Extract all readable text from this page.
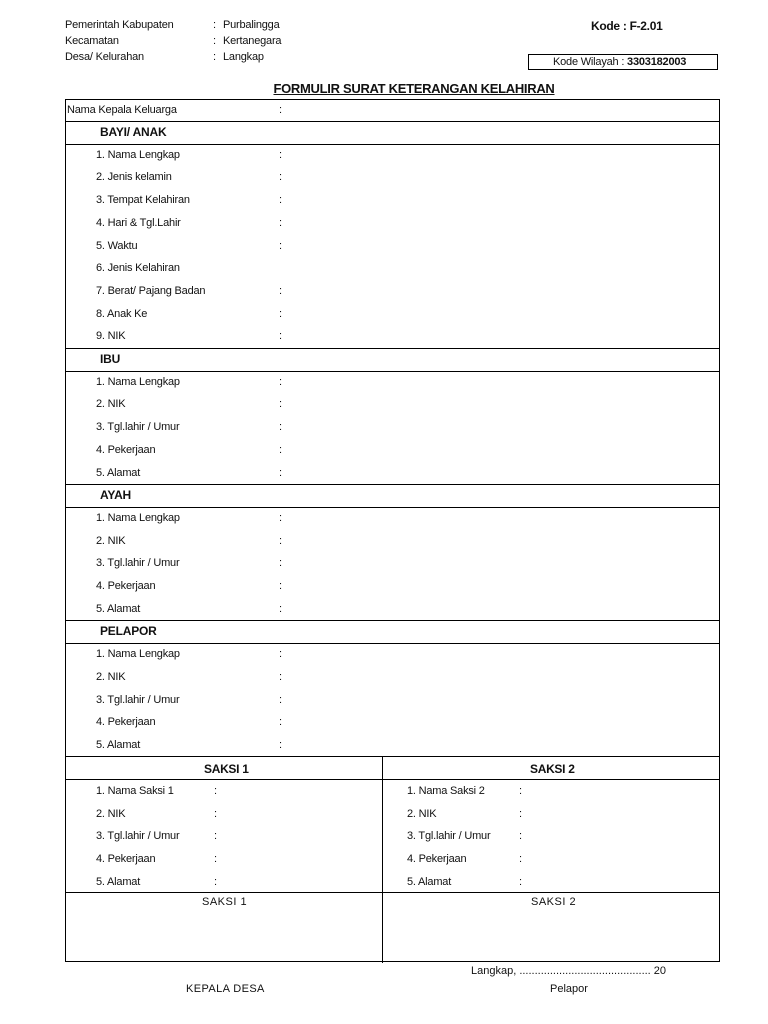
Pemerintah Kabupaten	: Purbalingga
Kecamatan	: Kertanegara
Desa/ Kelurahan	: Langkap
Kode : F-2.01
Kode Wilayah : 3303182003
FORMULIR SURAT KETERANGAN KELAHIRAN
Nama Kepala Keluarga	:
BAYI/ ANAK
1. Nama Lengkap	:
2. Jenis kelamin	:
3. Tempat Kelahiran	:
4. Hari & Tgl.Lahir	:
5. Waktu	:
6. Jenis Kelahiran
7. Berat/ Pajang Badan	:
8. Anak Ke	:
9. NIK	:
IBU
1. Nama Lengkap	:
2. NIK	:
3. Tgl.lahir / Umur	:
4. Pekerjaan	:
5. Alamat	:
AYAH
1. Nama Lengkap	:
2. NIK	:
3. Tgl.lahir / Umur	:
4. Pekerjaan	:
5. Alamat	:
PELAPOR
1. Nama Lengkap	:
2. NIK	:
3. Tgl.lahir / Umur	:
4. Pekerjaan	:
5. Alamat	:
SAKSI 1	SAKSI 2
1. Nama Saksi 1	:
2. NIK	:
3. Tgl.lahir / Umur	:
4. Pekerjaan	:
5. Alamat	:
1. Nama Saksi 2	:
2. NIK	:
3. Tgl.lahir / Umur	:
4. Pekerjaan	:
5. Alamat	:
SAKSI 1	SAKSI 2
Langkap, ........................................... 20
KEPALA DESA	Pelapor
